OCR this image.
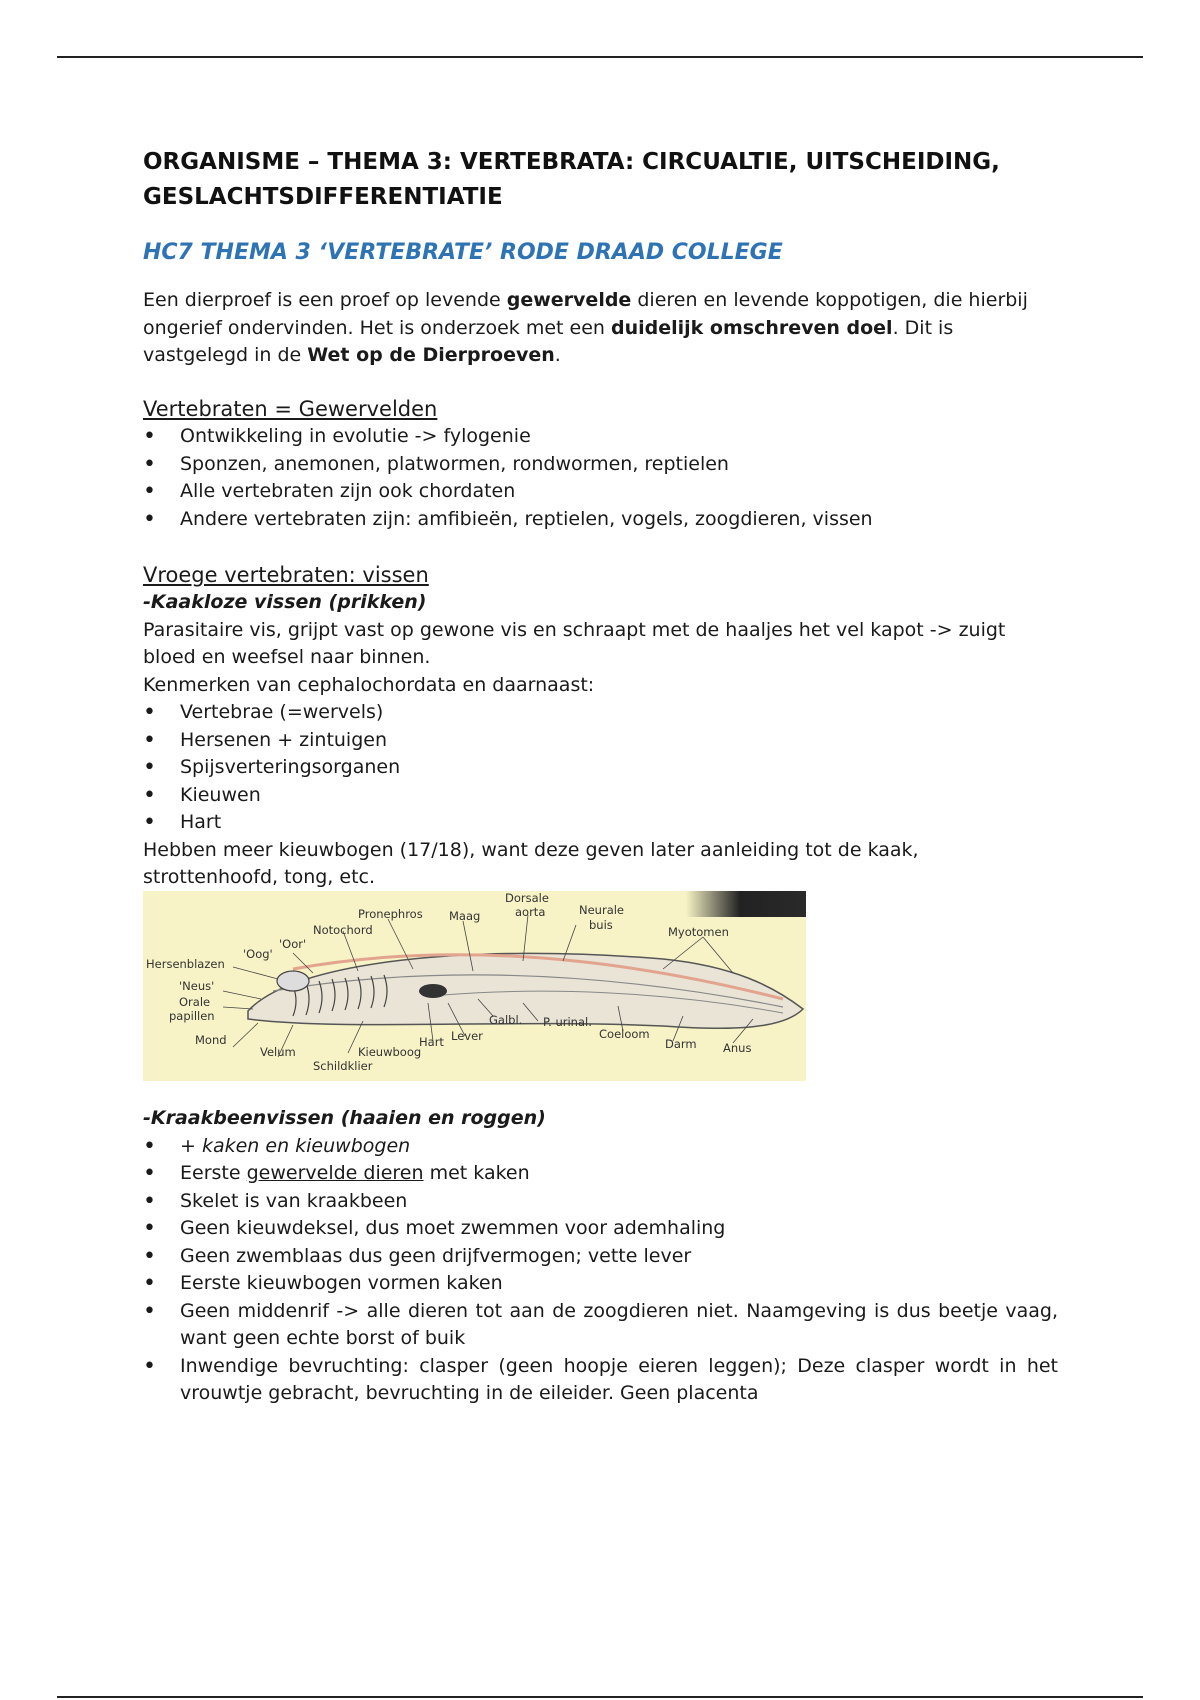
ORGANISME – THEMA 3: VERTEBRATA: CIRCUALTIE, UITSCHEIDING,
GESLACHTSDIFFERENTIATIE
HC7 THEMA 3 ‘VERTEBRATE’ RODE DRAAD COLLEGE

Een dierproef is een proef op levende gewervelde dieren en levende koppotigen, die hierbij ongerief ondervinden. Het is onderzoek met een duidelijk omschreven doel. Dit is vastgelegd in de Wet op de Dierproeven.

Vertebraten = Gewervelden

• Ontwikkeling in evolutie -> fylogenie
• Sponzen, anemonen, platwormen, rondwormen, reptielen
• Alle vertebraten zijn ook chordaten
• Andere vertebraten zijn: amfibieën, reptielen, vogels, zoogdieren, vissen

Vroege vertebraten: vissen

-Kaakloze vissen (prikken)

Parasitaire vis, grijpt vast op gewone vis en schraapt met de haaljes het vel kapot -> zuigt bloed en weefsel naar binnen.

Kenmerken van cephalochordata en daarnaast:

• Vertebrae (=wervels)
• Hersenen + zintuigen
• Spijsverteringsorganen
• Kieuwen
• Hart

Hebben meer kieuwbogen (17/18), want deze geven later aanleiding tot de kaak, strottenhoofd, tong, etc.

Pronephros Maag
Dorsale
aorta	Neurale
buis	Myotomen
Notochord
'Oor'
'Oog'
Hersenblazen
'Neus'
Orale
papillen
Mond
Velum	Kieuwboog
Schildklier
Hart Lever
Galbl. P. urinal.
Coeloom
Darm Anus

-Kraakbeenvissen (haaien en roggen)

• + kaken en kieuwbogen
• Eerste gewervelde dieren met kaken
• Skelet is van kraakbeen
• Geen kieuwdeksel, dus moet zwemmen voor ademhaling
• Geen zwemblaas dus geen drijfvermogen; vette lever
• Eerste kieuwbogen vormen kaken
• Geen middenrif -> alle dieren tot aan de zoogdieren niet. Naamgeving is dus beetje vaag, want geen echte borst of buik
• Inwendige bevruchting: clasper (geen hoopje eieren leggen); Deze clasper wordt in het vrouwtje gebracht, bevruchting in de eileider. Geen placenta
